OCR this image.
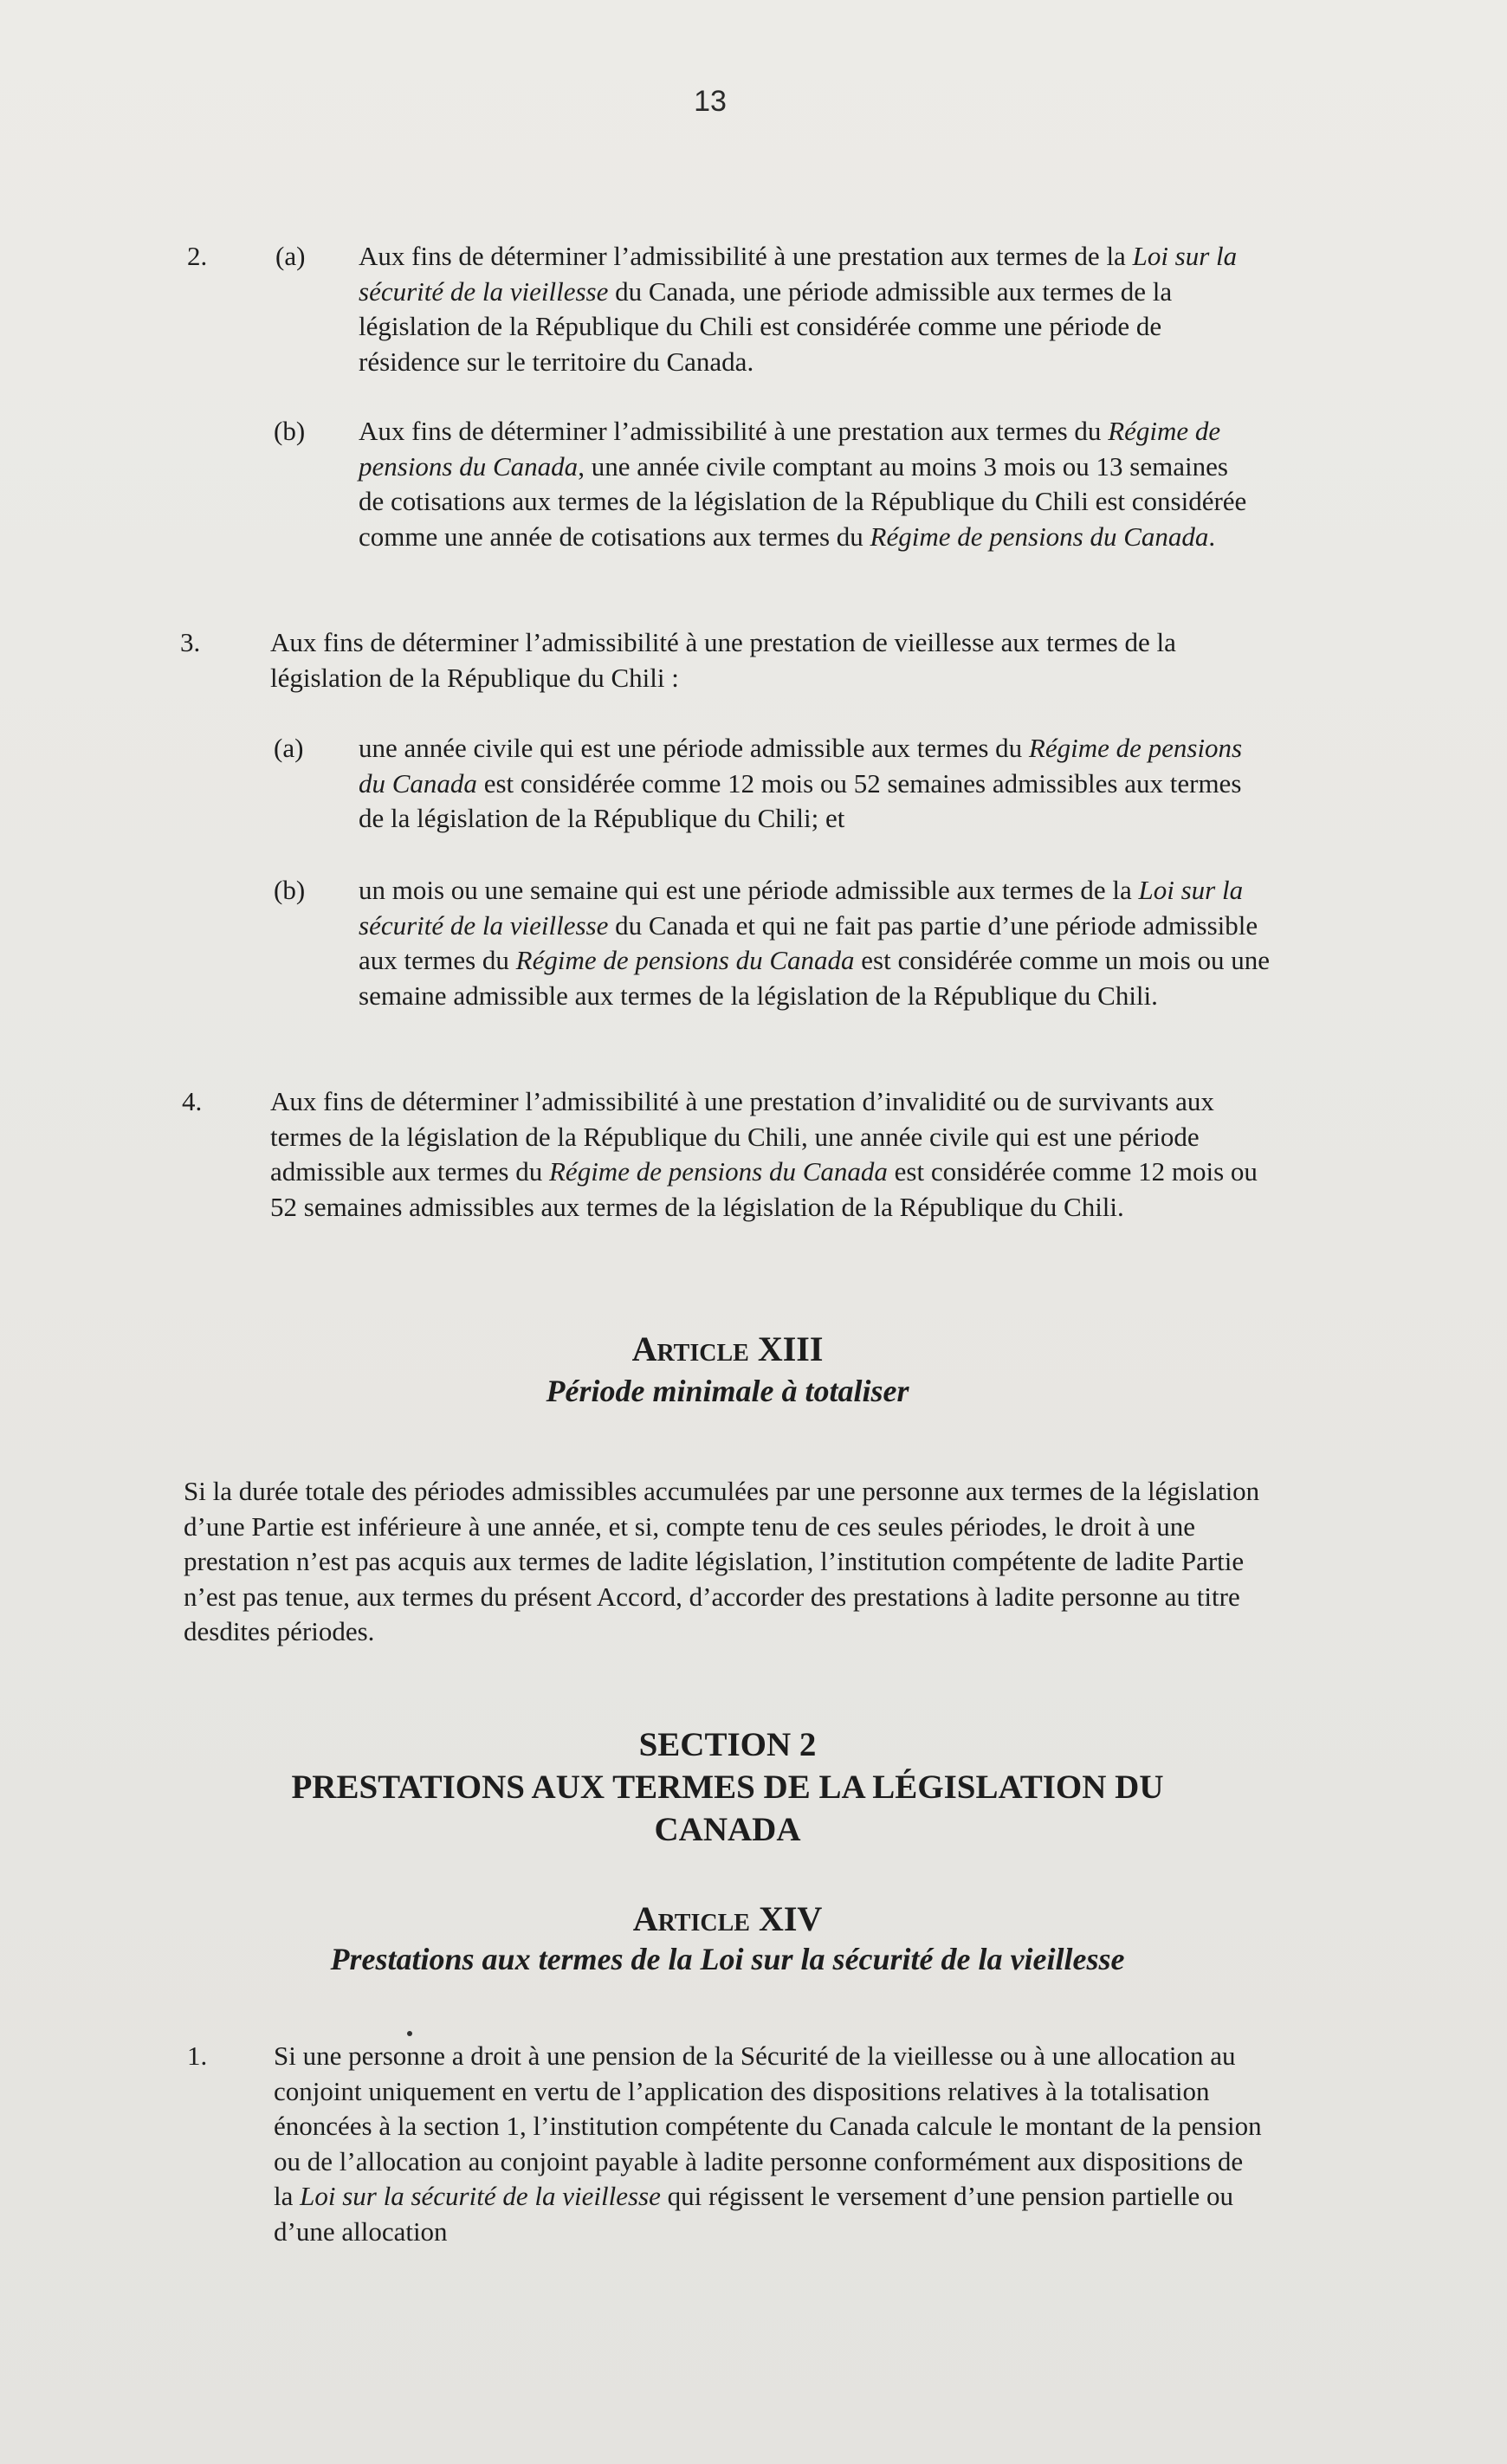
13
2.	(a) Aux fins de déterminer l’admissibilité à une prestation aux termes de la Loi sur la sécurité de la vieillesse du Canada, une période admissible aux termes de la législation de la République du Chili est considérée comme une période de résidence sur le territoire du Canada.
(b) Aux fins de déterminer l’admissibilité à une prestation aux termes du Régime de pensions du Canada, une année civile comptant au moins 3 mois ou 13 semaines de cotisations aux termes de la législation de la République du Chili est considérée comme une année de cotisations aux termes du Régime de pensions du Canada.
3.	Aux fins de déterminer l’admissibilité à une prestation de vieillesse aux termes de la législation de la République du Chili :
(a) une année civile qui est une période admissible aux termes du Régime de pensions du Canada est considérée comme 12 mois ou 52 semaines admissibles aux termes de la législation de la République du Chili; et
(b) un mois ou une semaine qui est une période admissible aux termes de la Loi sur la sécurité de la vieillesse du Canada et qui ne fait pas partie d’une période admissible aux termes du Régime de pensions du Canada est considérée comme un mois ou une semaine admissible aux termes de la législation de la République du Chili.
4.	Aux fins de déterminer l’admissibilité à une prestation d’invalidité ou de survivants aux termes de la législation de la République du Chili, une année civile qui est une période admissible aux termes du Régime de pensions du Canada est considérée comme 12 mois ou 52 semaines admissibles aux termes de la législation de la République du Chili.
Article XIII
Période minimale à totaliser
Si la durée totale des périodes admissibles accumulées par une personne aux termes de la législation d’une Partie est inférieure à une année, et si, compte tenu de ces seules périodes, le droit à une prestation n’est pas acquis aux termes de ladite législation, l’institution compétente de ladite Partie n’est pas tenue, aux termes du présent Accord, d’accorder des prestations à ladite personne au titre desdites périodes.
SECTION 2
PRESTATIONS AUX TERMES DE LA LÉGISLATION DU
CANADA
Article XIV
Prestations aux termes de la Loi sur la sécurité de la vieillesse
1. Si une personne a droit à une pension de la Sécurité de la vieillesse ou à une allocation au conjoint uniquement en vertu de l’application des dispositions relatives à la totalisation énoncées à la section 1, l’institution compétente du Canada calcule le montant de la pension ou de l’allocation au conjoint payable à ladite personne conformément aux dispositions de la Loi sur la sécurité de la vieillesse qui régissent le versement d’une pension partielle ou d’une allocation
